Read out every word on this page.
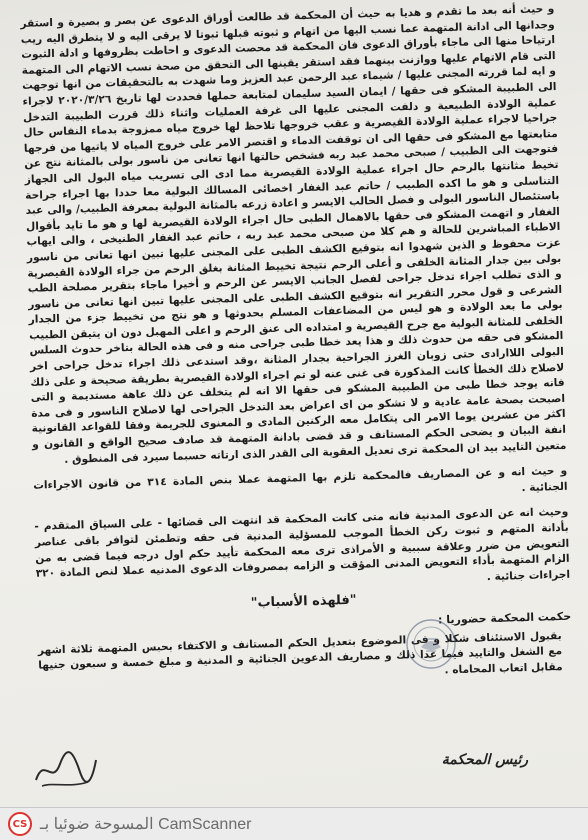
و حيث أنه بعد ما تقدم و هديا به حيث أن المحكمة قد طالعت أوراق الدعوى عن بصر و بصيرة و استقر وجدانها الى ادانة المتهمة عما نسب اليها من اتهام و ثبوته قبلها ثبوتا لا يرقى اليه و لا يتطرق اليه ريب ارتياحا منها الى ماجاء بأوراق الدعوى فان المحكمة قد محصت الدعوى و احاطت بظروفها و ادلة الثبوت التى قام الاتهام عليها ووازنت بينهما فقد استقر يقينها الى التحقق من صحة نسب الاتهام الى المتهمة و ايه لما قررته المجنى عليها / شيماء عبد الرحمن عبد العزيز وما شهدت به بالتحقيقات من انها توجهت الى الطبيبة المشكو فى حقها / ايمان السيد سليمان لمتابعة حملها فحددت لها تاريخ ٢٠٢٠/٣/٢٦ لاجراء عملية الولادة الطبيعية و دلفت المجنى عليها الى غرفة العمليات واثناء ذلك قررت الطبيبة التدخل جراحيا لاجراء عملية الولادة القيصرية و عقب خروجها تلاحظ لها خروج مياه ممزوجة بدماء النفاس حال متابعتها مع المشكو فى حقها الى ان توقفت الدماء و اقتصر الامر على خروج المياه لا ياتيها من فرجها فتوجهت الى الطبيب / صبحى محمد عبد ربه فشخص حالتها انها تعانى من ناسور بولى بالمثانة نتج عن تخيط مثانتها بالرحم حال اجراء عملية الولادة القيصرية مما ادى الى تسريب مياه البول الى الجهاز التناسلى و هو ما اكده الطبيب / حاتم عبد الغفار اخصائى المسالك البولية معا حددا بها اجراء جراحة باستئصال الناسور البولى و فصل الحالب الايسر و اعادة زرعه بالمثانة البولية بمعرفة الطبيب/ والى عبد الغفار و اتهمت المشكو فى حقها بالاهمال الطبى حال اجراء الولادة القيصرية لها و هو ما تايد بأقوال الاطباء المباشرين للحالة و هم كلا من صبحى محمد عبد ربه ، حاتم عبد الغفار الطنيخى ، والى ايهاب عزت محفوظ و الذين شهدوا انه بتوقيع الكشف الطبى على المجنى عليها تبين انها تعانى من ناسور بولى بين جدار المثانة الخلفى و أعلى الرحم نتيجة تخييط المثانة بغلق الرحم من جراء الولادة القيصرية و الذى تطلب اجراء تدخل جراحى لفصل الجانب الايسر عن الرحم و أخيرا ماجاء بتقرير مصلحة الطب الشرعى و قول محرر التقرير انه بتوقيع الكشف الطبى على المجنى عليها تبين انها تعانى من ناسور بولى ما بعد الولادة و هو ليس من المضاعفات المسلم بحدوثها و هو نتج من تخييط جزء من الجدار الخلفى للمثانة البولية مع جرح القيصرية و امتداده الى عنق الرحم و اعلى المهبل دون ان يتيقن الطبيب المشكو فى حقه من حدوث ذلك و هذا يعد خطا طبى جراحى منه و فى هذه الحالة بتاخر حدوث السلس البولى اللاارادى حتى زوبان الغرز الجراحية بجدار المثانة ،وقد استدعى ذلك اجراء تدخل جراحى اخر لاصلاح ذلك الخطأ كانت المذكورة فى غنى عنه لو تم اجراء الولادة القيصرية بطريقة صحيحة و على ذلك فانه يوجد خطا طبى من الطبيبة المشكو فى حقها الا انه لم يتخلف عن ذلك عاهة مستديمة و التى اصبحت بصحة عامة عادية و لا تشكو من اى اعراض بعد التدخل الجراحى لها لاصلاح الناسور و فى مدة اكثر من عشرين يوما الامر الى يتكامل معه الركنين المادى و المعنوى للجريمة وفقا للقواعد القانونية انفة البيان و يضحى الحكم المستانف و قد قضى بادانة المتهمة قد صادف صحيح الواقع و القانون و متعين التاييد بيد ان المحكمة ترى تعديل العقوبة الى القدر الذى ارتاته حسبما سيرد فى المنطوق .

و حيث انه و عن المصاريف فالمحكمة تلزم بها المتهمة عملا بنص المادة ٣١٤ من قانون الاجراءات الجنائية .

وحيث انه عن الدعوى المدنية فانه متى كانت المحكمة قد انتهت الى قضائها - على السياق المتقدم - بأدانة المتهم و ثبوت ركن الخطأ الموجب للمسؤلية المدنية فى حقه وتطمئن لتوافر باقى عناصر التعويض من ضرر وعلاقة سببية و الأمراذى ترى معه المحكمة تأييد حكم اول درجه فيما قضى به من الزام المتهمة بأداء التعويض المدنى المؤقت و الزامه بمصروفات الدعوى المدنيه عملا لنص المادة ٣٢٠ اجراءات جنائية .

"فلهذه الأسباب"
حكمت المحكمة حضوريا :

بقبول الاستئناف شكلا و فى الموضوع بتعديل الحكم المستانف و الاكتفاء بحبس المتهمة ثلاثة اشهر مع الشغل والتاييد فيما عدا ذلك و مصاريف الدعوين الجنائية و المدنية و مبلغ خمسة و سبعون جنيها مقابل اتعاب المحاماه .

رئيس المحكمة
CS المسوحة ضوئيا بـ CamScanner
